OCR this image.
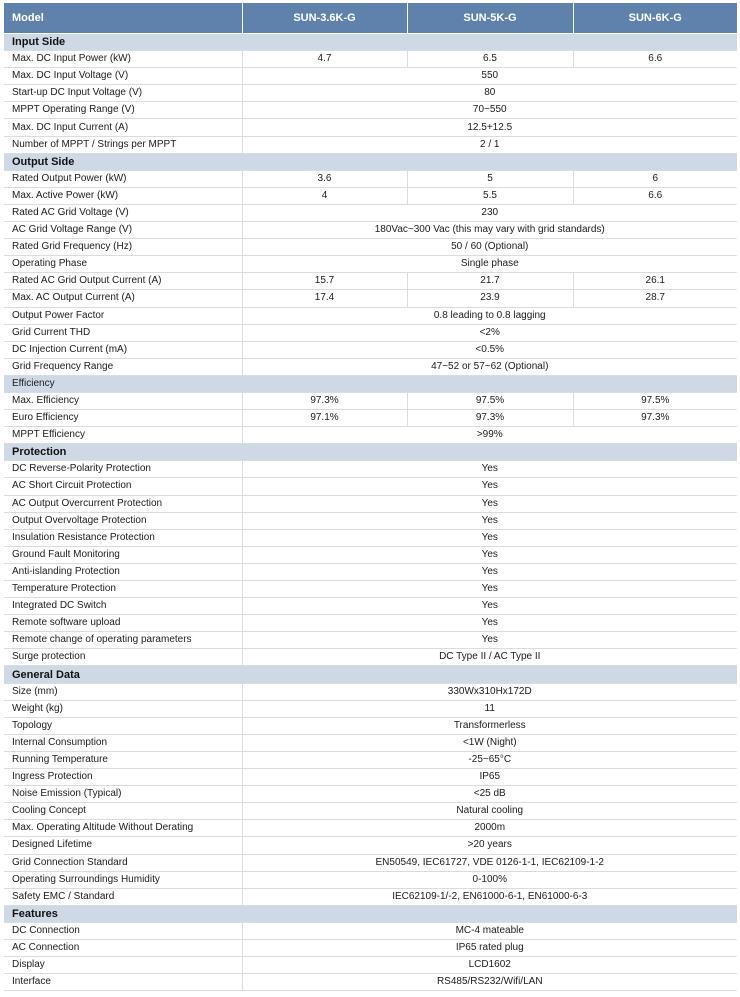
Model	SUN-3.6K-G	SUN-5K-G	SUN-6K-G
Input Side			
Max. DC Input Power (kW)	4.7	6.5	6.6
Max. DC Input Voltage (V)	550		
Start-up DC Input Voltage (V)	80		
MPPT Operating Range (V)	70~550		
Max. DC Input Current (A)	12.5+12.5		
Number of MPPT / Strings per MPPT	2 / 1		
Output Side			
Rated Output Power (kW)	3.6	5	6
Max. Active Power (kW)	4	5.5	6.6
Rated AC Grid Voltage (V)	230		
AC Grid Voltage Range (V)	180Vac~300 Vac (this may vary with grid standards)		
Rated Grid Frequency (Hz)	50 / 60 (Optional)		
Operating Phase	Single phase		
Rated AC Grid Output Current (A)	15.7	21.7	26.1
Max. AC Output Current (A)	17.4	23.9	28.7
Output Power Factor	0.8 leading to 0.8 lagging		
Grid Current THD	<2%		
DC Injection Current (mA)	<0.5%		
Grid Frequency Range	47~52 or 57~62 (Optional)		
Efficiency			
Max. Efficiency	97.3%	97.5%	97.5%
Euro Efficiency	97.1%	97.3%	97.3%
MPPT Efficiency	>99%		
Protection			
DC Reverse-Polarity Protection	Yes		
AC Short Circuit Protection	Yes		
AC Output Overcurrent Protection	Yes		
Output Overvoltage Protection	Yes		
Insulation Resistance Protection	Yes		
Ground Fault Monitoring	Yes		
Anti-islanding Protection	Yes		
Temperature Protection	Yes		
Integrated DC Switch	Yes		
Remote software upload	Yes		
Remote change of operating parameters	Yes		
Surge protection	DC Type II / AC Type II		
General Data			
Size (mm)	330Wx310Hx172D		
Weight (kg)	11		
Topology	Transformerless		
Internal Consumption	<1W (Night)		
Running Temperature	-25~65°C		
Ingress Protection	IP65		
Noise Emission (Typical)	<25 dB		
Cooling Concept	Natural cooling		
Max. Operating Altitude Without Derating	2000m		
Designed Lifetime	>20 years		
Grid Connection Standard	EN50549, IEC61727, VDE 0126-1-1, IEC62109-1-2		
Operating Surroundings Humidity	0-100%		
Safety EMC / Standard	IEC62109-1/-2, EN61000-6-1, EN61000-6-3		
Features			
DC Connection	MC-4 mateable		
AC Connection	IP65 rated plug		
Display	LCD1602		
Interface	RS485/RS232/Wifi/LAN		
